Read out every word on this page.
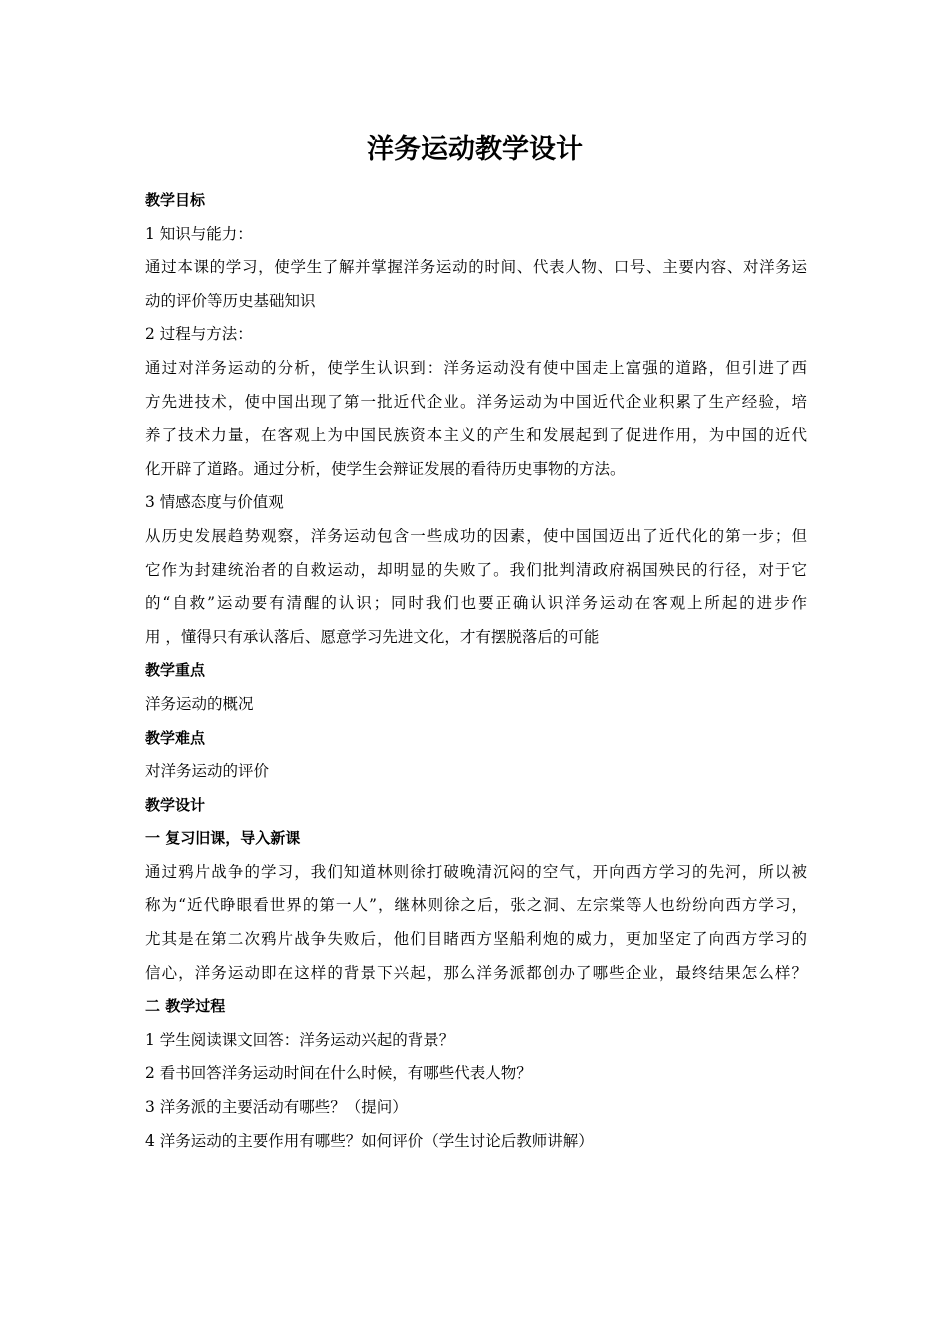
洋务运动教学设计
教学目标
1 知识与能力：
通过本课的学习，使学生了解并掌握洋务运动的时间、代表人物、口号、主要内容、对洋务运
动的评价等历史基础知识
2 过程与方法：
通过对洋务运动的分析，使学生认识到：洋务运动没有使中国走上富强的道路，但引进了西
方先进技术，使中国出现了第一批近代企业。洋务运动为中国近代企业积累了生产经验，培
养了技术力量，在客观上为中国民族资本主义的产生和发展起到了促进作用，为中国的近代
化开辟了道路。通过分析，使学生会辩证发展的看待历史事物的方法。
3 情感态度与价值观
从历史发展趋势观察，洋务运动包含一些成功的因素，使中国国迈出了近代化的第一步；但
它作为封建统治者的自救运动，却明显的失败了。我们批判清政府祸国殃民的行径，对于它
的“自救”运动要有清醒的认识；同时我们也要正确认识洋务运动在客观上所起的进步作
用 ，懂得只有承认落后、愿意学习先进文化，才有摆脱落后的可能
教学重点
洋务运动的概况
教学难点
对洋务运动的评价
教学设计
一 复习旧课，导入新课
通过鸦片战争的学习，我们知道林则徐打破晚清沉闷的空气，开向西方学习的先河，所以被
称为“近代睁眼看世界的第一人”，继林则徐之后，张之洞、左宗棠等人也纷纷向西方学习，
尤其是在第二次鸦片战争失败后，他们目睹西方坚船利炮的威力，更加坚定了向西方学习的
信心，洋务运动即在这样的背景下兴起，那么洋务派都创办了哪些企业，最终结果怎么样？
二 教学过程
1 学生阅读课文回答：洋务运动兴起的背景？
2 看书回答洋务运动时间在什么时候，有哪些代表人物？
3 洋务派的主要活动有哪些？（提问）
4 洋务运动的主要作用有哪些？如何评价（学生讨论后教师讲解）
